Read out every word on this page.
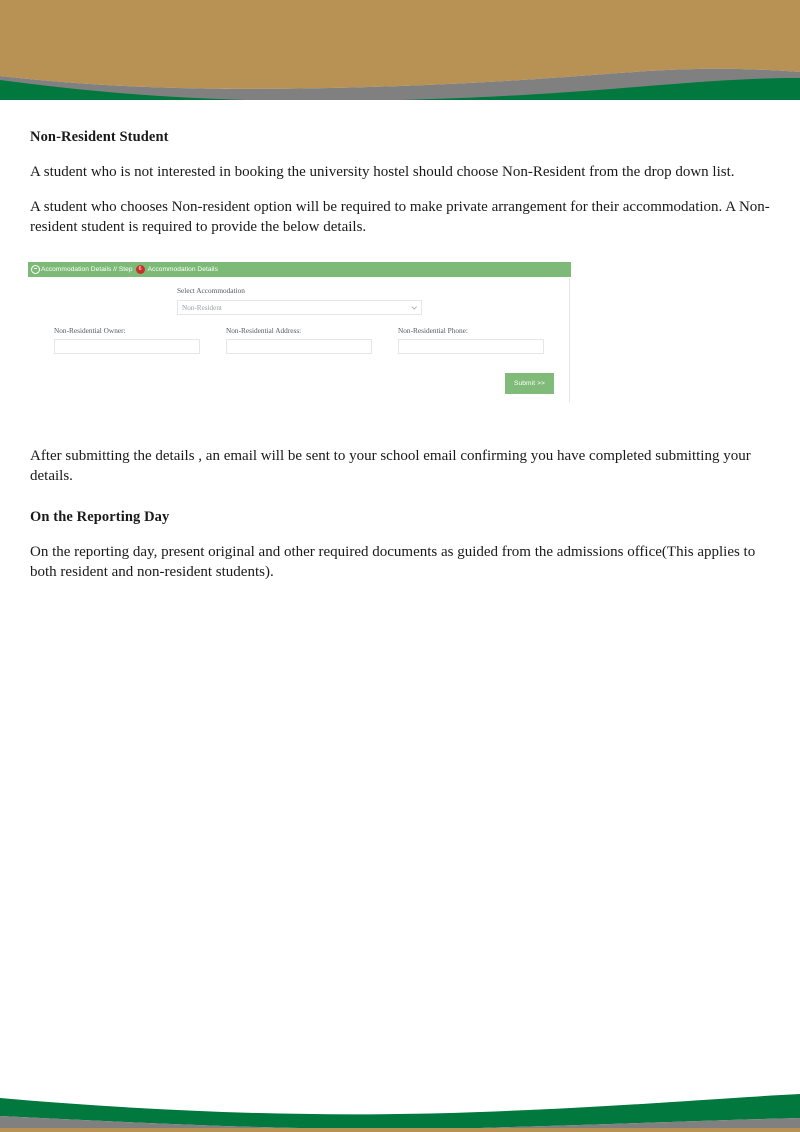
Non-Resident Student

A student who is not interested in booking the university hostel should choose Non-Resident from the drop down list.

A student who chooses Non-resident option will be required to make private arrangement for their accommodation. A Non-resident student is required to provide the below details.

Accommodation Details // Step	6 Accommodation Details
Select Accommodation
Non-Resident
Non-Residential Owner:	Non-Residential Address:	Non-Residential Phone:
Submit >>

After submitting the details , an email will be sent to your school email confirming you have completed submitting your details.

On the Reporting Day

On the reporting day, present original and other required documents as guided from the admissions office(This applies to both resident and non-resident students).
